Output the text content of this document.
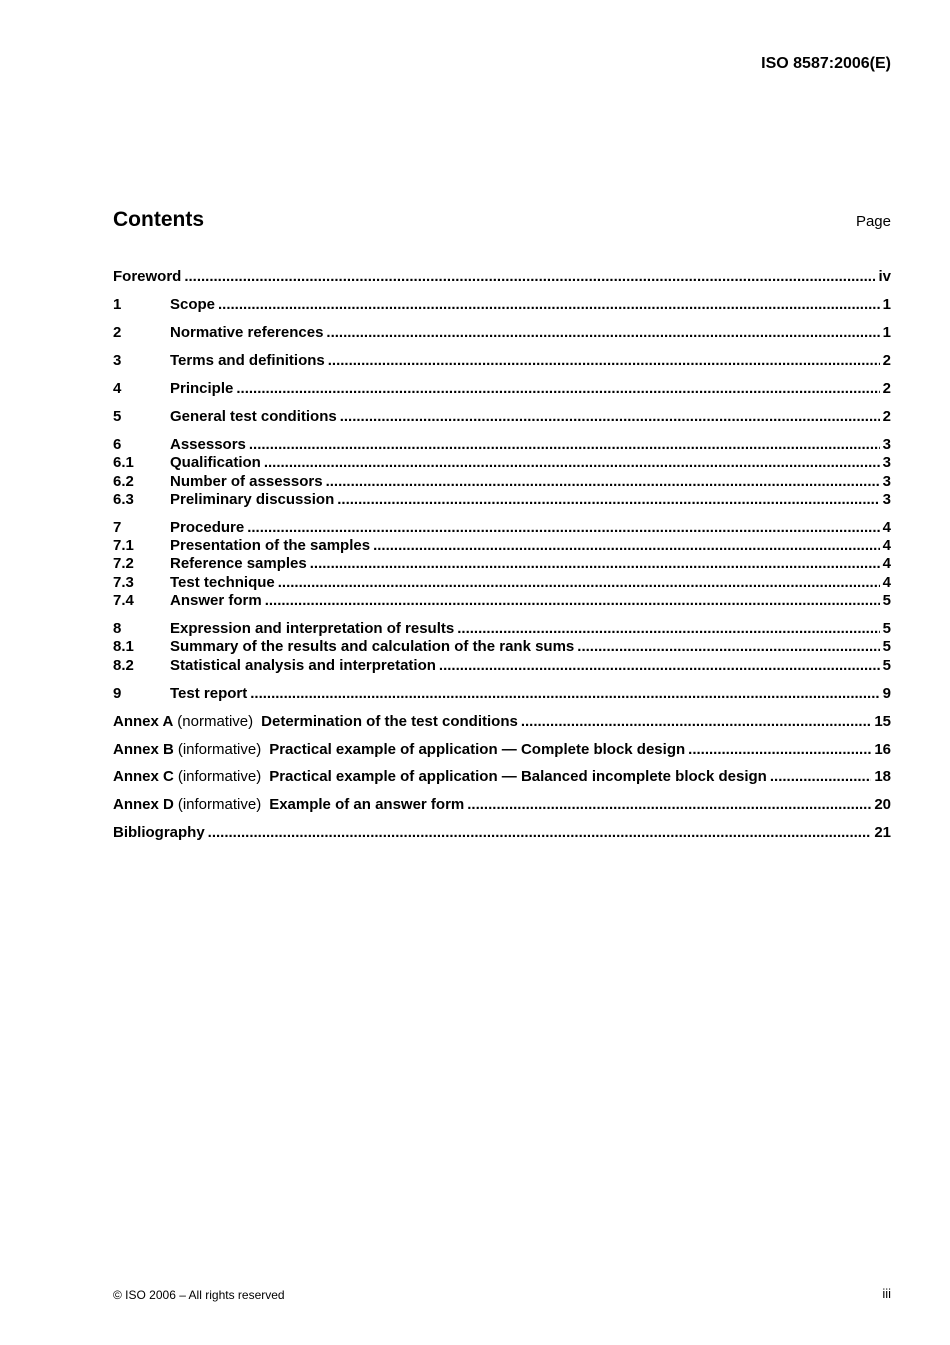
ISO 8587:2006(E)
Contents	Page
Foreword .....	iv
1	Scope .....	1
2	Normative references .....	1
3	Terms and definitions .....	2
4	Principle .....	2
5	General test conditions .....	2
6	Assessors .....	3
6.1	Qualification .....	3
6.2	Number of assessors .....	3
6.3	Preliminary discussion .....	3
7	Procedure .....	4
7.1	Presentation of the samples .....	4
7.2	Reference samples .....	4
7.3	Test technique .....	4
7.4	Answer form .....	5
8	Expression and interpretation of results .....	5
8.1	Summary of the results and calculation of the rank sums .....	5
8.2	Statistical analysis and interpretation .....	5
9	Test report .....	9
Annex A (normative) Determination of the test conditions .....	15
Annex B (informative) Practical example of application — Complete block design .....	16
Annex C (informative) Practical example of application — Balanced incomplete block design .....	18
Annex D (informative) Example of an answer form .....	20
Bibliography .....	21
© ISO 2006 – All rights reserved	iii
